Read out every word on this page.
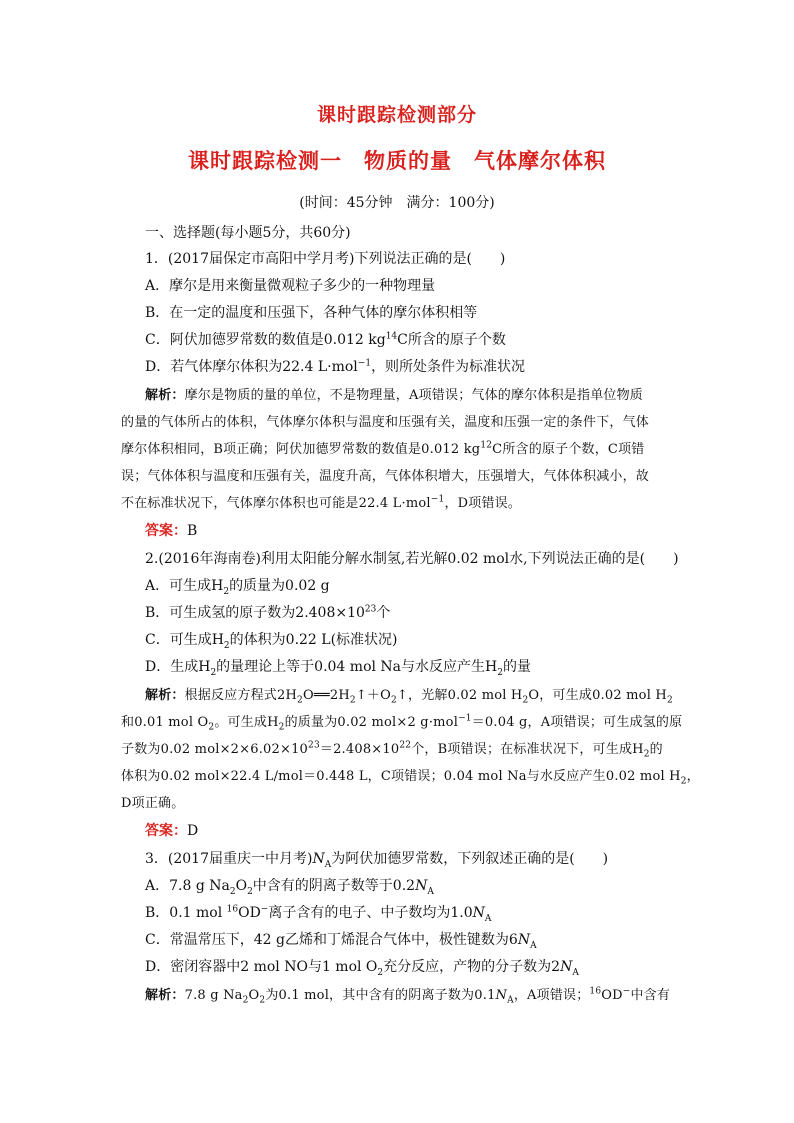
课时跟踪检测部分
课时跟踪检测一　物质的量　气体摩尔体积
(时间：45分钟　满分：100分)
一、选择题(每小题5分，共60分)
1．(2017届保定市高阳中学月考)下列说法正确的是(　　)
A．摩尔是用来衡量微观粒子多少的一种物理量
B．在一定的温度和压强下，各种气体的摩尔体积相等
C．阿伏加德罗常数的数值是0.012 $kg^{14}C$所含的原子个数
D．若气体摩尔体积为22.4 L·mol$^{-1}$，则所处条件为标准状况
解析：摩尔是物质的量的单位，不是物理量，A项错误；气体的摩尔体积是指单位物质
的量的气体所占的体积，气体摩尔体积与温度和压强有关，温度和压强一定的条件下，气体
摩尔体积相同，B项正确；阿伏加德罗常数的数值是0.012 $kg^{12}C$所含的原子个数，C项错
误；气体体积与温度和压强有关，温度升高，气体体积增大，压强增大，气体体积减小，故
不在标准状况下，气体摩尔体积也可能是22.4 L·mol$^{-1}$，D项错误。
答案：B
2.(2016年海南卷)利用太阳能分解水制氢,若光解0.02 mol水,下列说法正确的是(　　)
A．可生成$H_2$的质量为0.02 g
B．可生成氢的原子数为$2.408\times 10^{23}$个
C．可生成$H_2$的体积为0.22 L(标准状况)
D．生成$H_2$的量理论上等于0.04 mol Na与水反应产生$H_2$的量
解析：根据反应方程式$2H_2O══2H_2↑+O_2↑$，光解0.02 mol $H_2O$，可生成0.02 mol $H_2$
和0.01 mol $O_2$。可生成$H_2$的质量为0.02 mol×2 g·mol$^{-1}$＝0.04 g，A项错误；可生成氢的原
子数为0.02 $mol\times 2\times 6.02\times 10^{23}=2.408\times 10^{22}$个，B项错误；在标准状况下，可生成$H_2$的
体积为0.02 mol×22.4 L/mol＝0.448 L，C项错误；0.04 mol Na与水反应产生0.02 mol $H_2$，
D项正确。
答案：D
3．(2017届重庆一中月考)$N_A$为阿伏加德罗常数，下列叙述正确的是(　　)
A．7.8 g $Na_2O_2$中含有的阴离子数等于$0.2N_A$
B．0.1 mol $^{16}$OD−离子含有的电子、中子数均为$1.0N_A$
C．常温常压下，42 g乙烯和丁烯混合气体中，极性键数为$6N_A$
D．密闭容器中2 mol NO与1 mol $O_2$充分反应，产物的分子数为$2N_A$
解析：7.8 g $Na_2O_2$为0.1 mol，其中含有的阴离子数为$0.1N_A$，A项错误；$^{16}$OD−中含有
